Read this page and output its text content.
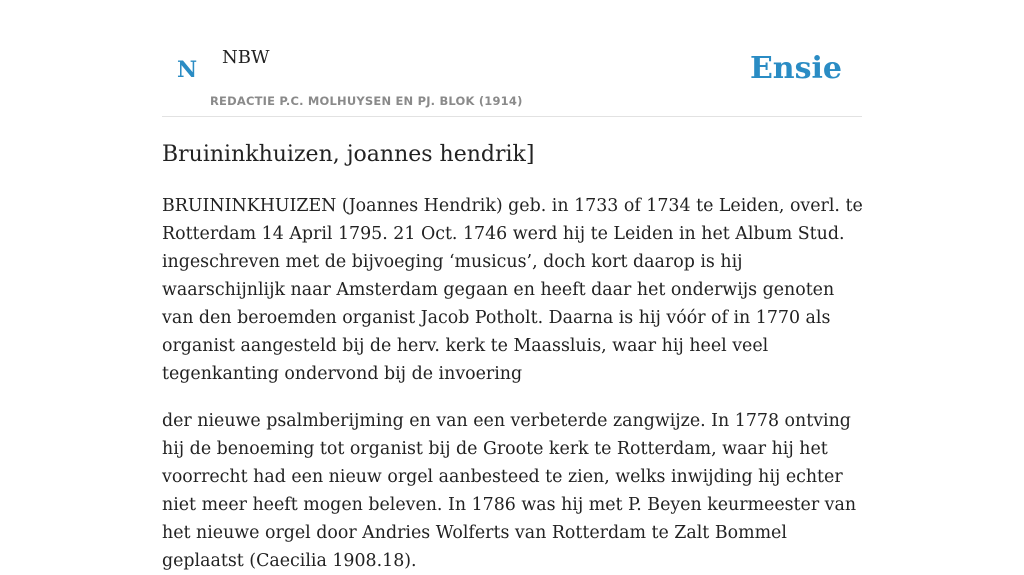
N NBW
REDACTIE P.C. MOLHUYSEN EN PJ. BLOK (1914)
Ensie
Bruininkhuizen, joannes hendrik]

BRUININKHUIZEN (Joannes Hendrik) geb. in 1733 of 1734 te Leiden, overl. te Rotterdam 14 April 1795. 21 Oct. 1746 werd hij te Leiden in het Album Stud. ingeschreven met de bijvoeging ‘musicus’, doch kort daarop is hij waarschijnlijk naar Amsterdam gegaan en heeft daar het onderwijs genoten van den beroemden organist Jacob Potholt. Daarna is hij vóór of in 1770 als organist aangesteld bij de herv. kerk te Maassluis, waar hij heel veel tegenkanting ondervond bij de invoering

der nieuwe psalmberijming en van een verbeterde zangwijze. In 1778 ontving hij de benoeming tot organist bij de Groote kerk te Rotterdam, waar hij het voorrecht had een nieuw orgel aanbesteed te zien, welks inwijding hij echter niet meer heeft mogen beleven. In 1786 was hij met P. Beyen keurmeester van het nieuwe orgel door Andries Wolferts van Rotterdam te Zalt Bommel geplaatst (Caecilia 1908.18).
